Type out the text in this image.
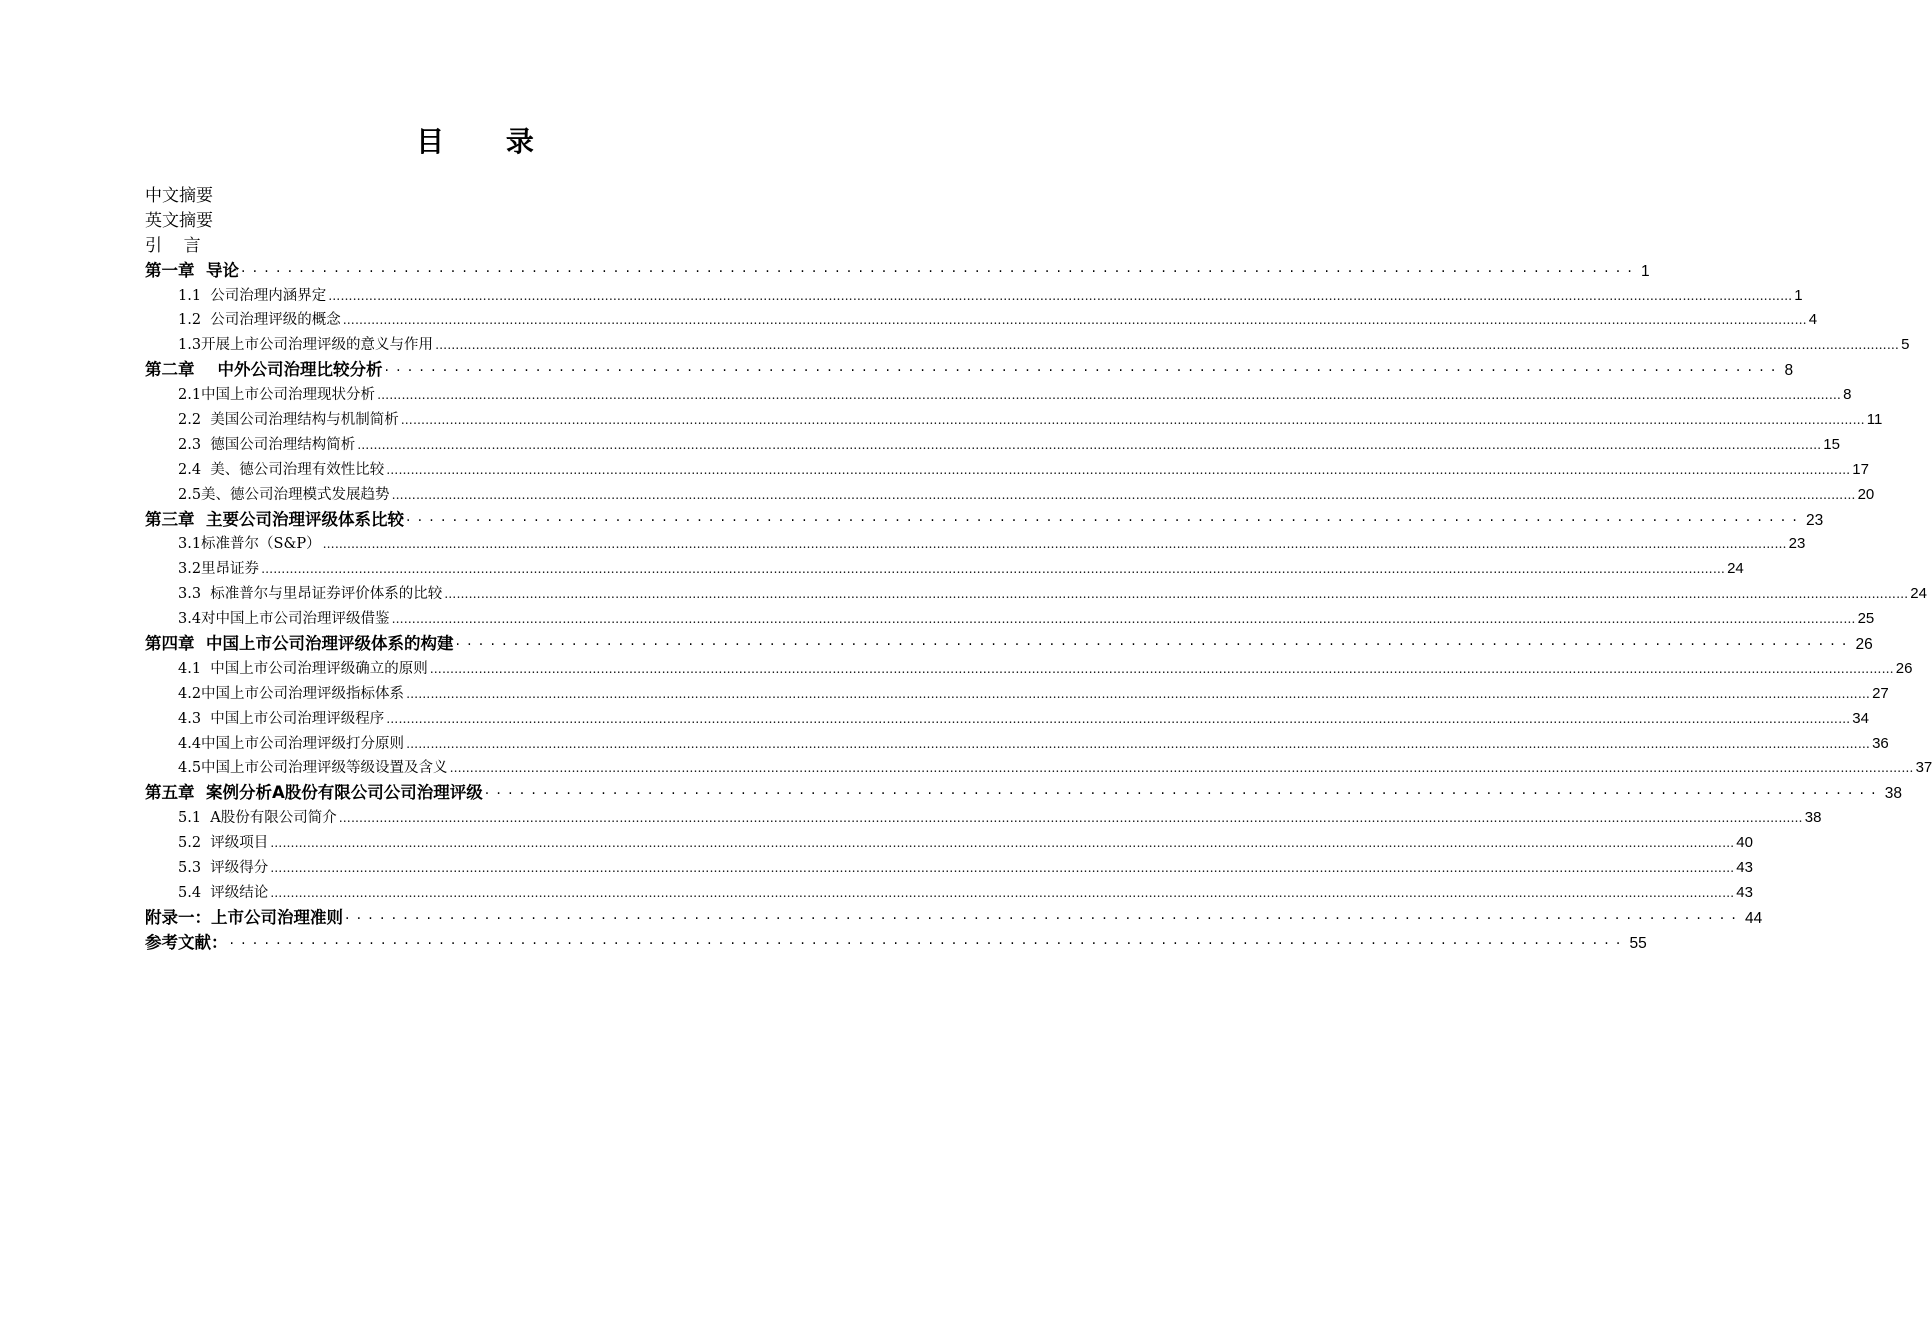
目 录
中文摘要
英文摘要
引    言
第一章  导论 ························································································································ 1
1.1  公司治理内涵界定 ……………………………………………………………………………………………………………………………………………………………………………………………………………………………………………………………………………………………………………………………… 1
1.2  公司治理评级的概念 ……………………………………………………………………………………………………………………………………………………………………………………………………………………………………………………………………………………………………………………………… 4
1.3开展上市公司治理评级的意义与作用 ……………………………………………………………………………………………………………………………………………………………………………………………………………………………………………………………………………………………………………………………… 5
第二章    中外公司治理比较分析 ························································································································ 8
2.1中国上市公司治理现状分析 ……………………………………………………………………………………………………………………………………………………………………………………………………………………………………………………………………………………………………………………………… 8
2.2  美国公司治理结构与机制简析 ……………………………………………………………………………………………………………………………………………………………………………………………………………………………………………………………………………………………………………………………… 11
2.3  德国公司治理结构简析 ……………………………………………………………………………………………………………………………………………………………………………………………………………………………………………………………………………………………………………………………… 15
2.4  美、德公司治理有效性比较 ……………………………………………………………………………………………………………………………………………………………………………………………………………………………………………………………………………………………………………………………… 17
2.5美、德公司治理模式发展趋势 ……………………………………………………………………………………………………………………………………………………………………………………………………………………………………………………………………………………………………………………………… 20
第三章  主要公司治理评级体系比较 ························································································································ 23
3.1标准普尔（S&P） ……………………………………………………………………………………………………………………………………………………………………………………………………………………………………………………………………………………………………………………………… 23
3.2里昂证券 ……………………………………………………………………………………………………………………………………………………………………………………………………………………………………………………………………………………………………………………………… 24
3.3  标准普尔与里昂证券评价体系的比较 ……………………………………………………………………………………………………………………………………………………………………………………………………………………………………………………………………………………………………………………………… 24
3.4对中国上市公司治理评级借鉴 ……………………………………………………………………………………………………………………………………………………………………………………………………………………………………………………………………………………………………………………………… 25
第四章  中国上市公司治理评级体系的构建 ························································································································ 26
4.1  中国上市公司治理评级确立的原则 ……………………………………………………………………………………………………………………………………………………………………………………………………………………………………………………………………………………………………………………………… 26
4.2中国上市公司治理评级指标体系 ……………………………………………………………………………………………………………………………………………………………………………………………………………………………………………………………………………………………………………………………… 27
4.3  中国上市公司治理评级程序 ……………………………………………………………………………………………………………………………………………………………………………………………………………………………………………………………………………………………………………………………… 34
4.4中国上市公司治理评级打分原则 ……………………………………………………………………………………………………………………………………………………………………………………………………………………………………………………………………………………………………………………………… 36
4.5中国上市公司治理评级等级设置及含义 ……………………………………………………………………………………………………………………………………………………………………………………………………………………………………………………………………………………………………………………………… 37
第五章  案例分析A股份有限公司公司治理评级 ························································································································ 38
5.1  A股份有限公司简介 ……………………………………………………………………………………………………………………………………………………………………………………………………………………………………………………………………………………………………………………………… 38
5.2  评级项目 ……………………………………………………………………………………………………………………………………………………………………………………………………………………………………………………………………………………………………………………………… 40
5.3  评级得分 ……………………………………………………………………………………………………………………………………………………………………………………………………………………………………………………………………………………………………………………………… 43
5.4  评级结论 ……………………………………………………………………………………………………………………………………………………………………………………………………………………………………………………………………………………………………………………………… 43
附录一：上市公司治理准则 ························································································································ 44
参考文献： ························································································································ 55
